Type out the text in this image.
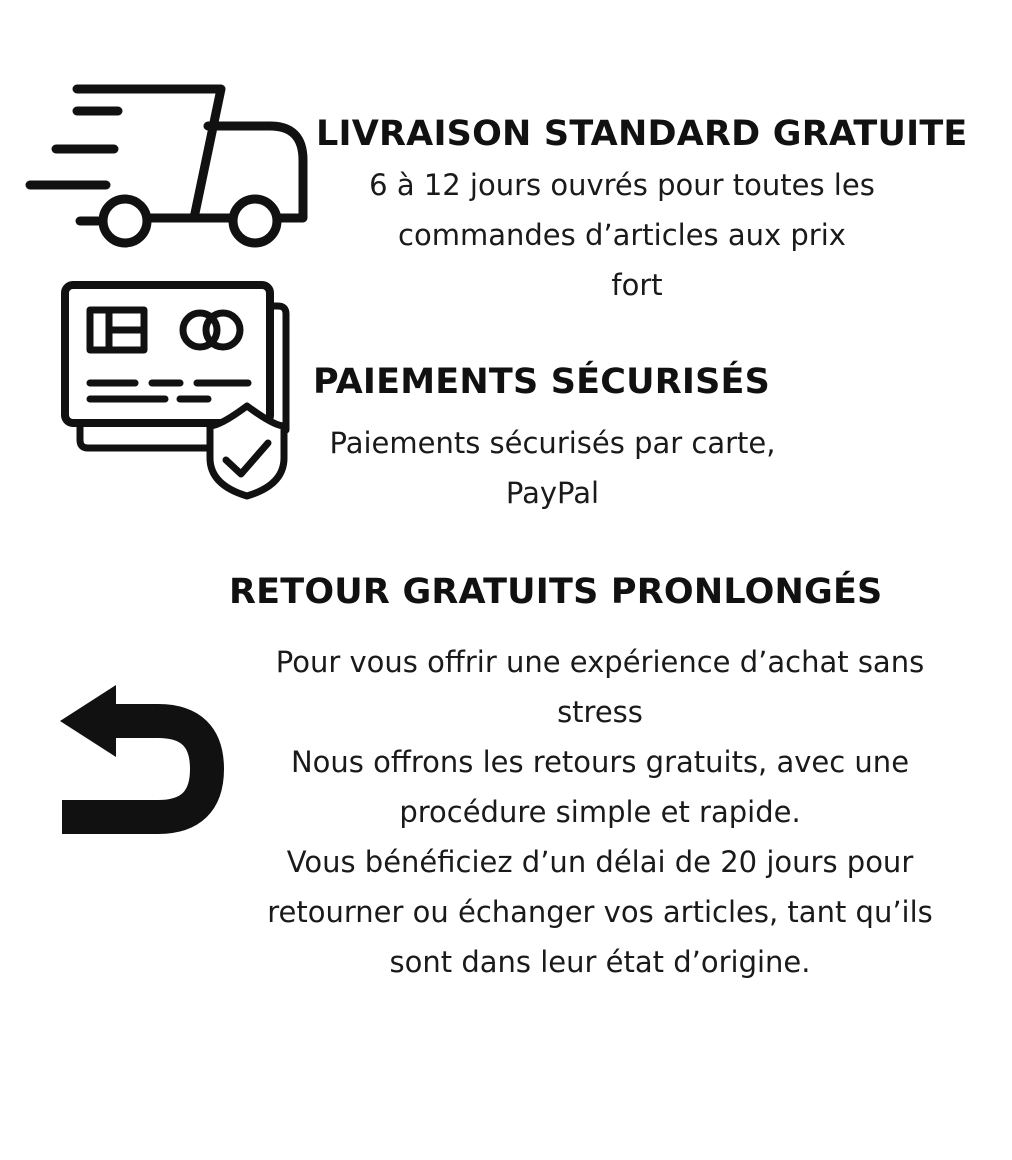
LIVRAISON STANDARD GRATUITE
6 à 12 jours ouvrés pour toutes les
commandes d’articles aux prix
fort
PAIEMENTS SÉCURISÉS
Paiements sécurisés par carte,
PayPal
RETOUR GRATUITS PRONLONGÉS
Pour vous offrir une expérience d’achat sans
stress
Nous offrons les retours gratuits, avec une
procédure simple et rapide.
Vous bénéficiez d’un délai de 20 jours pour
retourner ou échanger vos articles, tant qu’ils
sont dans leur état d’origine.
